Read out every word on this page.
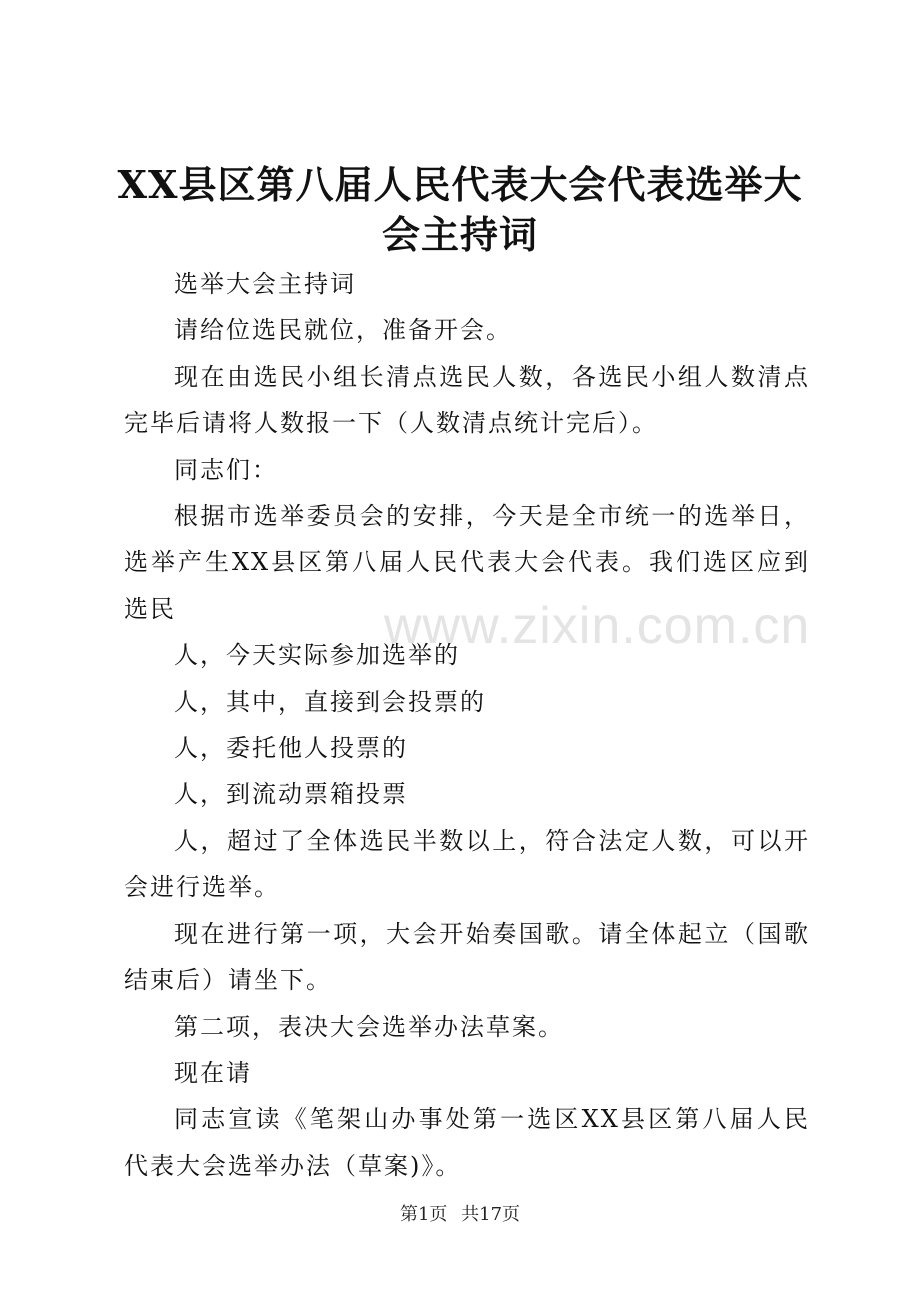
XX县区第八届人民代表大会代表选举大会主持词

选举大会主持词

请给位选民就位，准备开会。

现在由选民小组长清点选民人数，各选民小组人数清点完毕后请将人数报一下（人数清点统计完后）。

同志们：

根据市选举委员会的安排，今天是全市统一的选举日，选举产生XX县区第八届人民代表大会代表。我们选区应到选民

人，今天实际参加选举的

人，其中，直接到会投票的

人，委托他人投票的

人，到流动票箱投票

人，超过了全体选民半数以上，符合法定人数，可以开会进行选举。

现在进行第一项，大会开始奏国歌。请全体起立（国歌结束后）请坐下。

第二项，表决大会选举办法草案。

现在请

同志宣读《笔架山办事处第一选区XX县区第八届人民代表大会选举办法（草案)》。

www.zixin.com.cn
第1页 共17页
